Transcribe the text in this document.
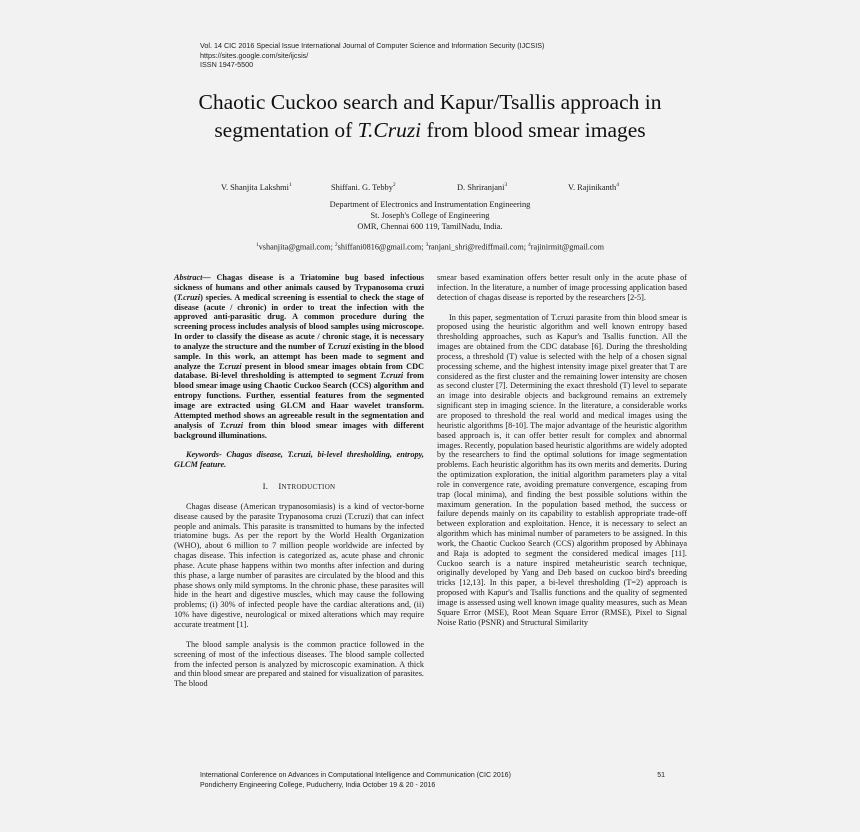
Vol. 14 CIC 2016 Special Issue International Journal of Computer Science and Information Security (IJCSIS)
https://sites.google.com/site/ijcsis/
ISSN 1947-5500
Chaotic Cuckoo search and Kapur/Tsallis approach in
segmentation of T.Cruzi from blood smear images
V. Shanjita Lakshmi$^1$	Shiffani. G. Tebby$^2$	D. Shriranjani$^3$	V. Rajinikanth$^4$
Department of Electronics and Instrumentation Engineering
St. Joseph's College of Engineering
OMR, Chennai 600 119, TamilNadu, India.
$^1$vshanjita@gmail.com; $^2$shiffani0816@gmail.com; $^3$ranjani_shri@rediffmail.com; $^4$rajinirmit@gmail.com

Abstract— Chagas disease is a Triatomine bug based infectious sickness of humans and other animals caused by Trypanosoma cruzi (T.cruzi) species. A medical screening is essential to check the stage of disease (acute / chronic) in order to treat the infection with the approved anti-parasitic drug. A common procedure during the screening process includes analysis of blood samples using microscope. In order to classify the disease as acute / chronic stage, it is necessary to analyze the structure and the number of T.cruzi existing in the blood sample. In this work, an attempt has been made to segment and analyze the T.cruzi present in blood smear images obtain from CDC database. Bi-level thresholding is attempted to segment T.cruzi from blood smear image using Chaotic Cuckoo Search (CCS) algorithm and entropy functions. Further, essential features from the segmented image are extracted using GLCM and Haar wavelet transform. Attempted method shows an agreeable result in the segmentation and analysis of T.cruzi from thin blood smear images with different background illuminations.

Keywords- Chagas disease, T.cruzi, bi-level thresholding, entropy, GLCM feature.

I. INTRODUCTION

Chagas disease (American trypanosomiasis) is a kind of vector-borne disease caused by the parasite Trypanosoma cruzi (T.cruzi) that can infect people and animals. This parasite is transmitted to humans by the infected triatomine bugs. As per the report by the World Health Organization (WHO), about 6 million to 7 million people worldwide are infected by chagas disease. This infection is categorized as, acute phase and chronic phase. Acute phase happens within two months after infection and during this phase, a large number of parasites are circulated by the blood and this phase shows only mild symptoms. In the chronic phase, these parasites will hide in the heart and digestive muscles, which may cause the following problems; (i) 30% of infected people have the cardiac alterations and, (ii) 10% have digestive, neurological or mixed alterations which may require accurate treatment [1].

The blood sample analysis is the common practice followed in the screening of most of the infectious diseases. The blood sample collected from the infected person is analyzed by microscopic examination. A thick and thin blood smear are prepared and stained for visualization of parasites. The blood

smear based examination offers better result only in the acute phase of infection. In the literature, a number of image processing application based detection of chagas disease is reported by the researchers [2-5].

In this paper, segmentation of T.cruzi parasite from thin blood smear is proposed using the heuristic algorithm and well known entropy based thresholding approaches, such as Kapur's and Tsallis function. All the images are obtained from the CDC database [6]. During the thresholding process, a threshold (T) value is selected with the help of a chosen signal processing scheme, and the highest intensity image pixel greater that T are considered as the first cluster and the remaining lower intensity are chosen as second cluster [7]. Determining the exact threshold (T) level to separate an image into desirable objects and background remains an extremely significant step in imaging science. In the literature, a considerable works are proposed to threshold the real world and medical images using the heuristic algorithms [8-10]. The major advantage of the heuristic algorithm based approach is, it can offer better result for complex and abnormal images. Recently, population based heuristic algorithms are widely adopted by the researchers to find the optimal solutions for image segmentation problems. Each heuristic algorithm has its own merits and demerits. During the optimization exploration, the initial algorithm parameters play a vital role in convergence rate, avoiding premature convergence, escaping from trap (local minima), and finding the best possible solutions within the maximum generation. In the population based method, the success or failure depends mainly on its capability to establish appropriate trade-off between exploration and exploitation. Hence, it is necessary to select an algorithm which has minimal number of parameters to be assigned. In this work, the Chaotic Cuckoo Search (CCS) algorithm proposed by Abhinaya and Raja is adopted to segment the considered medical images [11]. Cuckoo search is a nature inspired metaheuristic search technique, originally developed by Yang and Deb based on cuckoo bird's breeding tricks [12,13]. In this paper, a bi-level thresholding (T=2) approach is proposed with Kapur's and Tsallis functions and the quality of segmented image is assessed using well known image quality measures, such as Mean Square Error (MSE), Root Mean Square Error (RMSE), Pixel to Signal Noise Ratio (PSNR) and Structural Similarity

International Conference on Advances in Computational Intelligence and Communication (CIC 2016)
Pondicherry Engineering College, Puducherry, India October 19 & 20 - 2016
51
